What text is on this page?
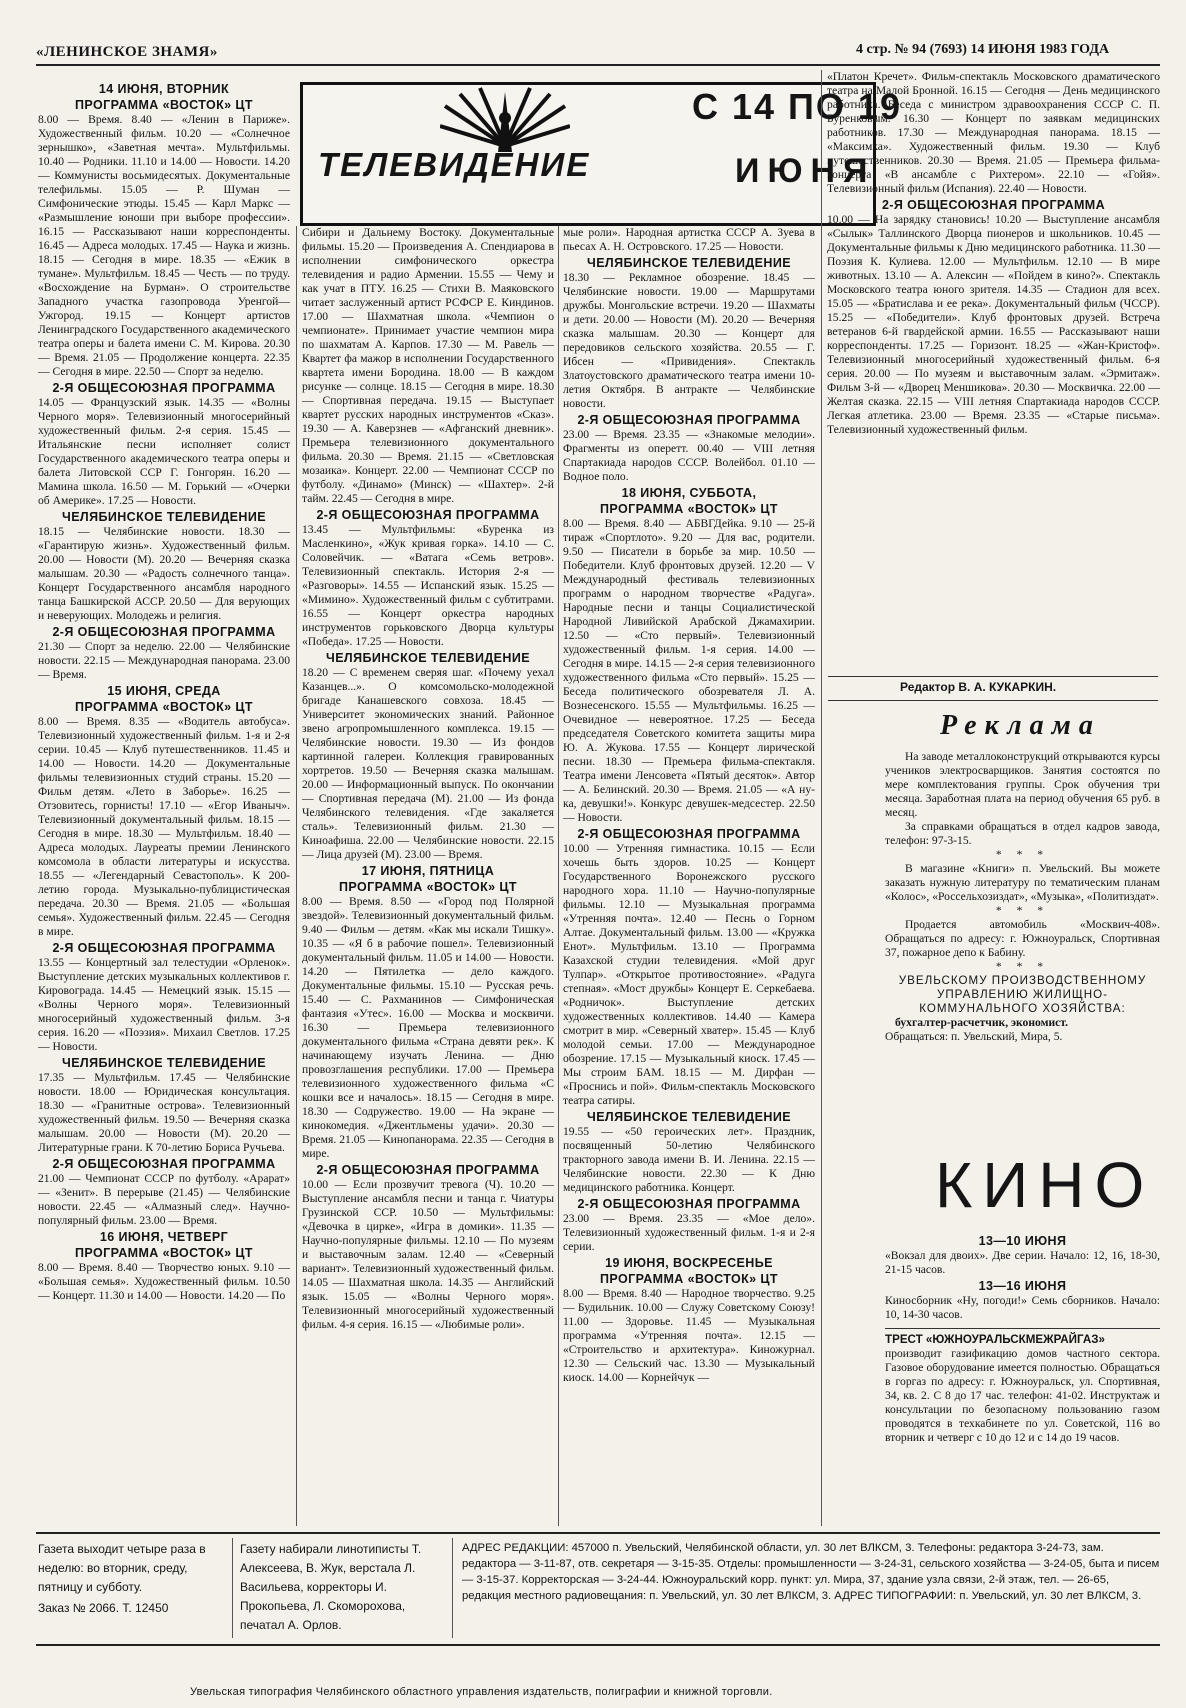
«ЛЕНИНСКОЕ ЗНАМЯ»	4 стр. № 94 (7693) 14 ИЮНЯ 1983 ГОДА
ТЕЛЕВИДЕНИЕ
С 14 ПО 19
ИЮНЯ

14 ИЮНЯ, ВТОРНИК

ПРОГРАММА «ВОСТОК» ЦТ

8.00 — Время. 8.40 — «Ленин в Париже». Художественный фильм. 10.20 — «Солнечное зернышко», «Заветная мечта». Мультфильмы. 10.40 — Родники. 11.10 и 14.00 — Новости. 14.20 — Коммунисты восьмидесятых. Документальные телефильмы. 15.05 — Р. Шуман — Симфонические этюды. 15.45 — Карл Маркс — «Размышление юноши при выборе профессии». 16.15 — Рассказывают наши корреспонденты. 16.45 — Адреса молодых. 17.45 — Наука и жизнь. 18.15 — Сегодня в мире. 18.35 — «Ежик в тумане». Мультфильм. 18.45 — Честь — по труду. «Восхождение на Бурман». О строительстве Западного участка газопровода Уренгой—Ужгород. 19.15 — Концерт артистов Ленинградского Государственного академического театра оперы и балета имени С. М. Кирова. 20.30 — Время. 21.05 — Продолжение концерта. 22.35 — Сегодня в мире. 22.50 — Спорт за неделю.

2-Я ОБЩЕСОЮЗНАЯ ПРОГРАММА

14.05 — Французский язык. 14.35 — «Волны Черного моря». Телевизионный многосерийный художественный фильм. 2-я серия. 15.45 — Итальянские песни исполняет солист Государственного академического театра оперы и балета Литовской ССР Г. Гонгорян. 16.20 — Мамина школа. 16.50 — М. Горький — «Очерки об Америке». 17.25 — Новости.

ЧЕЛЯБИНСКОЕ ТЕЛЕВИДЕНИЕ

18.15 — Челябинские новости. 18.30 — «Гарантирую жизнь». Художественный фильм. 20.00 — Новости (М). 20.20 — Вечерняя сказка малышам. 20.30 — «Радость солнечного танца». Концерт Государственного ансамбля народного танца Башкирской АССР. 20.50 — Для верующих и неверующих. Молодежь и религия.

2-Я ОБЩЕСОЮЗНАЯ ПРОГРАММА

21.30 — Спорт за неделю. 22.00 — Челябинские новости. 22.15 — Международная панорама. 23.00 — Время.

15 ИЮНЯ, СРЕДА

ПРОГРАММА «ВОСТОК» ЦТ

8.00 — Время. 8.35 — «Водитель автобуса». Телевизионный художественный фильм. 1-я и 2-я серии. 10.45 — Клуб путешественников. 11.45 и 14.00 — Новости. 14.20 — Документальные фильмы телевизионных студий страны. 15.20 — Фильм детям. «Лето в Заборье». 16.25 — Отзовитесь, горнисты! 17.10 — «Егор Иваныч». Телевизионный документальный фильм. 18.15 — Сегодня в мире. 18.30 — Мультфильм. 18.40 — Адреса молодых. Лауреаты премии Ленинского комсомола в области литературы и искусства. 18.55 — «Легендарный Севастополь». К 200-летию города. Музыкально-публицистическая передача. 20.30 — Время. 21.05 — «Большая семья». Художественный фильм. 22.45 — Сегодня в мире.

2-Я ОБЩЕСОЮЗНАЯ ПРОГРАММА

13.55 — Концертный зал телестудии «Орленок». Выступление детских музыкальных коллективов г. Кировограда. 14.45 — Немецкий язык. 15.15 — «Волны Черного моря». Телевизионный многосерийный художественный фильм. 3-я серия. 16.20 — «Поэзия». Михаил Светлов. 17.25 — Новости.

ЧЕЛЯБИНСКОЕ ТЕЛЕВИДЕНИЕ

17.35 — Мультфильм. 17.45 — Челябинские новости. 18.00 — Юридическая консультация. 18.30 — «Гранитные острова». Телевизионный художественный фильм. 19.50 — Вечерняя сказка малышам. 20.00 — Новости (М). 20.20 — Литературные грани. К 70-летию Бориса Ручьева.

2-Я ОБЩЕСОЮЗНАЯ ПРОГРАММА

21.00 — Чемпионат СССР по футболу. «Арарат» — «Зенит». В перерыве (21.45) — Челябинские новости. 22.45 — «Алмазный след». Научно-популярный фильм. 23.00 — Время.

16 ИЮНЯ, ЧЕТВЕРГ

ПРОГРАММА «ВОСТОК» ЦТ

8.00 — Время. 8.40 — Творчество юных. 9.10 — «Большая семья». Художественный фильм. 10.50 — Концерт. 11.30 и 14.00 — Новости. 14.20 — По

Сибири и Дальнему Востоку. Документальные фильмы. 15.20 — Произведения А. Спендиарова в исполнении симфонического оркестра телевидения и радио Армении. 15.55 — Чему и как учат в ПТУ. 16.25 — Стихи В. Маяковского читает заслуженный артист РСФСР Е. Киндинов. 17.00 — Шахматная школа. «Чемпион о чемпионате». Принимает участие чемпион мира по шахматам А. Карпов. 17.30 — М. Равель — Квартет фа мажор в исполнении Государственного квартета имени Бородина. 18.00 — В каждом рисунке — солнце. 18.15 — Сегодня в мире. 18.30 — Спортивная передача. 19.15 — Выступает квартет русских народных инструментов «Сказ». 19.30 — А. Каверзнев — «Афганский дневник». Премьера телевизионного документального фильма. 20.30 — Время. 21.15 — «Светловская мозаика». Концерт. 22.00 — Чемпионат СССР по футболу. «Динамо» (Минск) — «Шахтер». 2-й тайм. 22.45 — Сегодня в мире.

2-Я ОБЩЕСОЮЗНАЯ ПРОГРАММА

13.45 — Мультфильмы: «Буренка из Масленкино», «Жук кривая горка». 14.10 — С. Соловейчик. — «Ватага «Семь ветров». Телевизионный спектакль. История 2-я — «Разговоры». 14.55 — Испанский язык. 15.25 — «Мимино». Художественный фильм с субтитрами. 16.55 — Концерт оркестра народных инструментов горьковского Дворца культуры «Победа». 17.25 — Новости.

ЧЕЛЯБИНСКОЕ ТЕЛЕВИДЕНИЕ

18.20 — С временем сверяя шаг. «Почему уехал Казанцев...». О комсомольско-молодежной бригаде Канашевского совхоза. 18.45 — Университет экономических знаний. Районное звено агропромышленного комплекса. 19.15 — Челябинские новости. 19.30 — Из фондов картинной галереи. Коллекция гравированных хортретов. 19.50 — Вечерняя сказка малышам. 20.00 — Информационный выпуск. По окончании — Спортивная передача (М). 21.00 — Из фонда Челябинского телевидения. «Где закаляется сталь». Телевизионный фильм. 21.30 — Киноафиша. 22.00 — Челябинские новости. 22.15 — Лица друзей (М). 23.00 — Время.

17 ИЮНЯ, ПЯТНИЦА

ПРОГРАММА «ВОСТОК» ЦТ

8.00 — Время. 8.50 — «Город под Полярной звездой». Телевизионный документальный фильм. 9.40 — Фильм — детям. «Как мы искали Тишку». 10.35 — «Я б в рабочие пошел». Телевизионный документальный фильм. 11.05 и 14.00 — Новости. 14.20 — Пятилетка — дело каждого. Документальные фильмы. 15.10 — Русская речь. 15.40 — С. Рахманинов — Симфоническая фантазия «Утес». 16.00 — Москва и москвичи. 16.30 — Премьера телевизионного документального фильма «Страна девяти рек». К начинающему изучать Ленина. — Дню провозглашения республики. 17.00 — Премьера телевизионного художественного фильма «С кошки все и началось». 18.15 — Сегодня в мире. 18.30 — Содружество. 19.00 — На экране — кинокомедия. «Джентльмены удачи». 20.30 — Время. 21.05 — Кинопанорама. 22.35 — Сегодня в мире.

2-Я ОБЩЕСОЮЗНАЯ ПРОГРАММА

10.00 — Если прозвучит тревога (Ч). 10.20 — Выступление ансамбля песни и танца г. Чиатуры Грузинской ССР. 10.50 — Мультфильмы: «Девочка в цирке», «Игра в домики». 11.35 — Научно-популярные фильмы. 12.10 — По музеям и выставочным залам. 12.40 — «Северный вариант». Телевизионный художественный фильм. 14.05 — Шахматная школа. 14.35 — Английский язык. 15.05 — «Волны Черного моря». Телевизионный многосерийный художественный фильм. 4-я серия. 16.15 — «Любимые роли».

мые роли». Народная артистка СССР А. Зуева в пьесах А. Н. Островского. 17.25 — Новости.

ЧЕЛЯБИНСКОЕ ТЕЛЕВИДЕНИЕ

18.30 — Рекламное обозрение. 18.45 — Челябинские новости. 19.00 — Маршрутами дружбы. Монгольские встречи. 19.20 — Шахматы и дети. 20.00 — Новости (М). 20.20 — Вечерняя сказка малышам. 20.30 — Концерт для передовиков сельского хозяйства. 20.55 — Г. Ибсен — «Привидения». Спектакль Златоустовского драматического театра имени 10-летия Октября. В антракте — Челябинские новости.

2-Я ОБЩЕСОЮЗНАЯ ПРОГРАММА

23.00 — Время. 23.35 — «Знакомые мелодии». Фрагменты из оперетт. 00.40 — VIII летняя Спартакиада народов СССР. Волейбол. 01.10 — Водное поло.

18 ИЮНЯ, СУББОТА,

ПРОГРАММА «ВОСТОК» ЦТ

8.00 — Время. 8.40 — АБВГДейка. 9.10 — 25-й тираж «Спортлото». 9.20 — Для вас, родители. 9.50 — Писатели в борьбе за мир. 10.50 — Победители. Клуб фронтовых друзей. 12.20 — V Международный фестиваль телевизионных программ о народном творчестве «Радуга». Народные песни и танцы Социалистической Народной Ливийской Арабской Джамахирии. 12.50 — «Сто первый». Телевизионный художественный фильм. 1-я серия. 14.00 — Сегодня в мире. 14.15 — 2-я серия телевизионного художественного фильма «Сто первый». 15.25 — Беседа политического обозревателя Л. А. Вознесенского. 15.55 — Мультфильмы. 16.25 — Очевидное — невероятное. 17.25 — Беседа председателя Советского комитета защиты мира Ю. А. Жукова. 17.55 — Концерт лирической песни. 18.30 — Премьера фильма-спектакля. Театра имени Ленсовета «Пятый десяток». Автор — А. Белинский. 20.30 — Время. 21.05 — «А ну-ка, девушки!». Конкурс девушек-медсестер. 22.50 — Новости.

2-Я ОБЩЕСОЮЗНАЯ ПРОГРАММА

10.00 — Утренняя гимнастика. 10.15 — Если хочешь быть здоров. 10.25 — Концерт Государственного Воронежского русского народного хора. 11.10 — Научно-популярные фильмы. 12.10 — Музыкальная программа «Утренняя почта». 12.40 — Песнь о Горном Алтае. Документальный фильм. 13.00 — «Кружка Енот». Мультфильм. 13.10 — Программа Казахской студии телевидения. «Мой друг Тулпар». «Открытое противостояние». «Радуга степная». «Мост дружбы» Концерт Е. Серкебаева. «Родничок». Выступление детских художественных коллективов. 14.40 — Камера смотрит в мир. «Северный хватер». 15.45 — Клуб молодой семьи. 17.00 — Международное обозрение. 17.15 — Музыкальный киоск. 17.45 — Мы строим БАМ. 18.15 — М. Дирфан — «Проснись и пой». Фильм-спектакль Московского театра сатиры.

ЧЕЛЯБИНСКОЕ ТЕЛЕВИДЕНИЕ

19.55 — «50 героических лет». Праздник, посвященный 50-летию Челябинского тракторного завода имени В. И. Ленина. 22.15 — Челябинские новости. 22.30 — К Дню медицинского работника. Концерт.

2-Я ОБЩЕСОЮЗНАЯ ПРОГРАММА

23.00 — Время. 23.35 — «Мое дело». Телевизионный художественный фильм. 1-я и 2-я серии.

19 ИЮНЯ, ВОСКРЕСЕНЬЕ

ПРОГРАММА «ВОСТОК» ЦТ

8.00 — Время. 8.40 — Народное творчество. 9.25 — Будильник. 10.00 — Служу Советскому Союзу! 11.00 — Здоровье. 11.45 — Музыкальная программа «Утренняя почта». 12.15 — «Строительство и архитектура». Киножурнал. 12.30 — Сельский час. 13.30 — Музыкальный киоск. 14.00 — Корнейчук —

«Платон Кречет». Фильм-спектакль Московского драматического театра на Малой Бронной. 16.15 — Сегодня — День медицинского работника. Беседа с министром здравоохранения СССР С. П. Буренковым. 16.30 — Концерт по заявкам медицинских работников. 17.30 — Международная панорама. 18.15 — «Максимка». Художественный фильм. 19.30 — Клуб путешественников. 20.30 — Время. 21.05 — Премьера фильма-концерта «В ансамбле с Рихтером». 22.10 — «Гойя». Телевизионный фильм (Испания). 22.40 — Новости.

2-Я ОБЩЕСОЮЗНАЯ ПРОГРАММА

10.00 — На зарядку становись! 10.20 — Выступление ансамбля «Сылык» Таллинского Дворца пионеров и школьников. 10.45 — Документальные фильмы к Дню медицинского работника. 11.30 — Поэзия К. Кулиева. 12.00 — Мультфильм. 12.10 — В мире животных. 13.10 — А. Алексин — «Пойдем в кино?». Спектакль Московского театра юного зрителя. 14.35 — Стадион для всех. 15.05 — «Братислава и ее река». Документальный фильм (ЧССР). 15.25 — «Победители». Клуб фронтовых друзей. Встреча ветеранов 6-й гвардейской армии. 16.55 — Рассказывают наши корреспонденты. 17.25 — Горизонт. 18.25 — «Жан-Кристоф». Телевизионный многосерийный художественный фильм. 6-я серия. 20.00 — По музеям и выставочным залам. «Эрмитаж». Фильм 3-й — «Дворец Меншикова». 20.30 — Москвичка. 22.00 — Желтая сказка. 22.15 — VIII летняя Спартакиада народов СССР. Легкая атлетика. 23.00 — Время. 23.35 — «Старые письма». Телевизионный художественный фильм.

Редактор В. А. КУКАРКИН.
Реклама

На заводе металлоконструкций открываются курсы учеников электросварщиков. Занятия состоятся по мере комплектования группы. Срок обучения три месяца. Заработная плата на период обучения 65 руб. в месяц.

За справками обращаться в отдел кадров завода, телефон: 97-3-15.

* * *

В магазине «Книги» п. Увельский. Вы можете заказать нужную литературу по тематическим планам «Колос», «Россельхозиздат», «Музыка», «Политиздат».

* * *

Продается автомобиль «Москвич-408». Обращаться по адресу: г. Южноуральск, Спортивная 37, пожарное депо к Бабину.

* * *

УВЕЛЬСКОМУ ПРОИЗВОДСТВЕННОМУ УПРАВЛЕНИЮ ЖИЛИЩНО-КОММУНАЛЬНОГО ХОЗЯЙСТВА:

бухгалтер-расчетчик, экономист.

Обращаться: п. Увельский, Мира, 5.

КИНО

13—10 ИЮНЯ

«Вокзал для двоих». Две серии. Начало: 12, 16, 18-30, 21-15 часов.

13—16 ИЮНЯ

Киносборник «Ну, погоди!» Семь сборников. Начало: 10, 14-30 часов.

ТРЕСТ «ЮЖНОУРАЛЬСКМЕЖРАЙГАЗ»

производит газификацию домов частного сектора. Газовое оборудование имеется полностью. Обращаться в горгаз по адресу: г. Южноуральск, ул. Спортивная, 34, кв. 2. С 8 до 17 час. телефон: 41-02. Инструктаж и консультации по безопасному пользованию газом проводятся в техкабинете по ул. Советской, 116 во вторник и четверг с 10 до 12 и с 14 до 19 часов.

Газета выходит четыре раза в неделю: во вторник, среду, пятницу и субботу.

Заказ № 2066. Т. 12450

Газету набирали линотиписты Т. Алексеева, В. Жук, верстала Л. Васильева, корректоры И. Прокопьева, Л. Скоморохова, печатал А. Орлов.
АДРЕС РЕДАКЦИИ: 457000 п. Увельский, Челябинской области, ул. 30 лет ВЛКСМ, 3. Телефоны: редактора 3-24-73, зам. редактора — 3-11-87, отв. секретаря — 3-15-35. Отделы: промышленности — 3-24-31, сельского хозяйства — 3-24-05, быта и писем — 3-15-37. Корректорская — 3-24-44. Южноуральский корр. пункт: ул. Мира, 37, здание узла связи, 2-й этаж, тел. — 26-65, редакция местного радиовещания: п. Увельский, ул. 30 лет ВЛКСМ, 3. АДРЕС ТИПОГРАФИИ: п. Увельский, ул. 30 лет ВЛКСМ, 3.
Увельская типография Челябинского областного управления издательств, полиграфии и книжной торговли.
